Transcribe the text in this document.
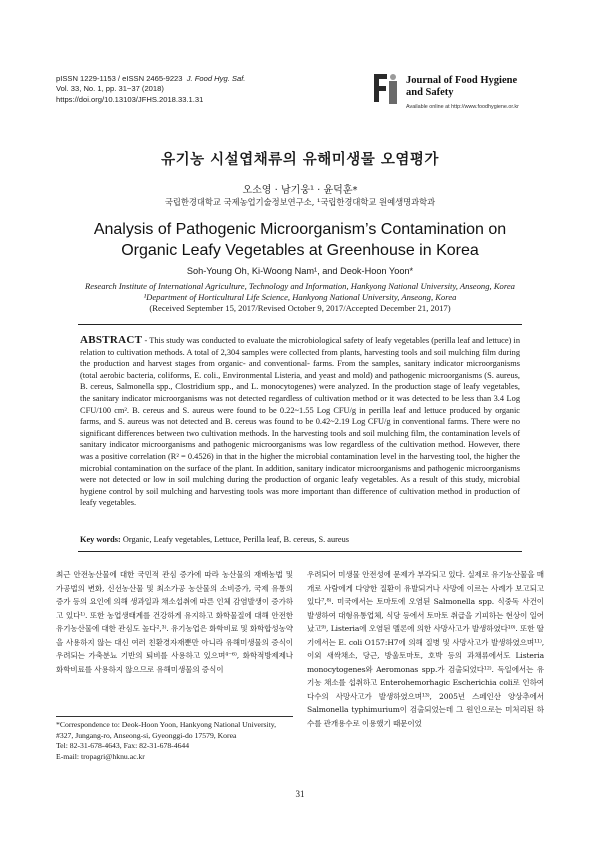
pISSN 1229-1153 / eISSN 2465-9223 J. Food Hyg. Saf.
Vol. 33, No. 1, pp. 31~37 (2018)
https://doi.org/10.13103/JFHS.2018.33.1.31
Journal of Food Hygiene
and Safety
Available online at http://www.foodhygiene.or.kr
유기농 시설엽채류의 유해미생물 오염평가
오소영 · 남기웅¹ · 윤덕훈*
국립한경대학교 국제농업기술정보연구소, ¹국립한경대학교 원예생명과학과
Analysis of Pathogenic Microorganism’s Contamination on
Organic Leafy Vegetables at Greenhouse in Korea
Soh-Young Oh, Ki-Woong Nam¹, and Deok-Hoon Yoon*
Research Institute of International Agriculture, Technology and Information, Hankyong National University, Anseong, Korea
¹Department of Horticultural Life Science, Hankyong National University, Anseong, Korea
(Received September 15, 2017/Revised October 9, 2017/Accepted December 21, 2017)
ABSTRACT - This study was conducted to evaluate the microbiological safety of leafy vegetables (perilla leaf and lettuce) in relation to cultivation methods. A total of 2,304 samples were collected from plants, harvesting tools and soil mulching film during the production and harvest stages from organic- and conventional- farms. From the samples, sanitary indicator microorganisms (total aerobic bacteria, coliforms, E. coli., Environmental Listeria, and yeast and mold) and pathogenic microorganisms (S. aureus, B. cereus, Salmonella spp., Clostridium spp., and L. monocytogenes) were analyzed. In the production stage of leafy vegetables, the sanitary indicator microorganisms was not detected regardless of cultivation method or it was detected to be less than 3.4 Log CFU/100 cm². B. cereus and S. aureus were found to be 0.22~1.55 Log CFU/g in perilla leaf and lettuce produced by organic farms, and S. aureus was not detected and B. cereus was found to be 0.42~2.19 Log CFU/g in conventional farms. There were no significant differences between two cultivation methods. In the harvesting tools and soil mulching film, the contamination levels of sanitary indicator microorganisms and pathogenic microorganisms was low regardless of the cultivation method. However, there was a positive correlation (R² = 0.4526) in that in the higher the microbial contamination level in the harvesting tool, the higher the microbial contamination on the surface of the plant. In addition, sanitary indicator microorganisms and pathogenic microorganisms were not detected or low in soil mulching during the production of organic leafy vegetables. As a result of this study, microbial hygiene control by soil mulching and harvesting tools was more important than difference of cultivation method in production of leafy vegetables.
Key words: Organic, Leafy vegetables, Lettuce, Perilla leaf, B. cereus, S. aureus
최근 안전농산물에 대한 국민적 관심 증가에 따라 농산물의 재배농법 및 가공법의 변화, 신선농산물 및 최소가공 농산물의 소비증가, 국제 유통의 증가 등의 요인에 의해 생과일과 채소섭취에 따른 인체 감염발생이 증가하고 있다¹⁾. 또한 농업생태계를 건강하게 유지하고 화학물질에 대해 안전한 유기농산물에 대한 관심도 높다²,³⁾. 유기농업은 화학비료 및 화학합성농약을 사용하지 않는 대신 여러 친환경자재뿐만 아니라 유해미생물의 증식이 우려되는 가축분뇨 기반의 퇴비를 사용하고 있으며⁴⁻⁶⁾, 화학적방제제나 화학비료를 사용하지 않으므로 유해미생물의 증식이
우려되어 미생물 안전성에 문제가 부각되고 있다. 실제로 유기농산물을 매개로 사람에게 다양한 질환이 유발되거나 사망에 이르는 사례가 보고되고 있다⁷,⁸⁾. 미국에서는 토마토에 오염된 Salmonella spp. 식중독 사건이 발생하여 대형유통업체, 식당 등에서 토마토 취급을 기피하는 현상이 일어났고⁹⁾, Listeria에 오염된 멜론에 의한 사망사고가 발생하였다¹⁰⁾. 또한 딸기에서는 E. coli O157:H7에 의해 질병 및 사망사고가 발생하였으며¹¹⁾, 이외 새싹채소, 당근, 방울토마토, 호박 등의 과채류에서도 Listeria monocytogenes와 Aeromonas spp.가 검출되었다¹²⁾. 독일에서는 유기농 채소를 섭취하고 Enterohemorhagic Escherichia coli로 인하여 다수의 사망사고가 발생하였으며¹³⁾, 2005년 스페인산 양상추에서 Salmonella typhimurium이 검출되었는데 그 원인으로는 미처리된 하수를 관개용수로 이용했기 때문이었
*Correspondence to: Deok-Hoon Yoon, Hankyong National University, #327, Jungang-ro, Anseong-si, Gyeonggi-do 17579, Korea
Tel: 82-31-678-4643, Fax: 82-31-678-4644
E-mail: tropagri@hknu.ac.kr
31
